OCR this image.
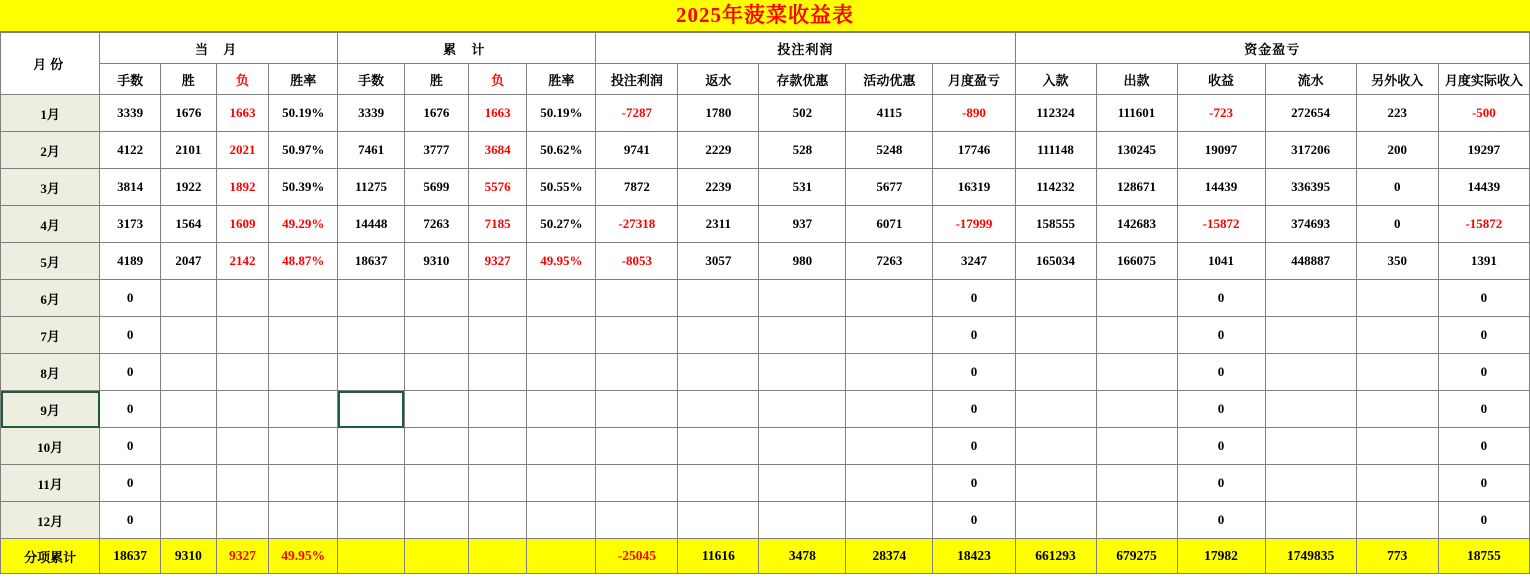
2025年菠菜收益表
月份	当 月				累 计				投注利润					资金盈亏					
	手数	胜	负	胜率	手数	胜	负	胜率	投注利润	返水	存款优惠	活动优惠	月度盈亏	入款	出款	收益	流水	另外收入	月度实际收入
1月	3339	1676	1663	50.19%	3339	1676	1663	50.19%	-7287	1780	502	4115	-890	112324	111601	-723	272654	223	-500
2月	4122	2101	2021	50.97%	7461	3777	3684	50.62%	9741	2229	528	5248	17746	111148	130245	19097	317206	200	19297
3月	3814	1922	1892	50.39%	11275	5699	5576	50.55%	7872	2239	531	5677	16319	114232	128671	14439	336395	0	14439
4月	3173	1564	1609	49.29%	14448	7263	7185	50.27%	-27318	2311	937	6071	-17999	158555	142683	-15872	374693	0	-15872
5月	4189	2047	2142	48.87%	18637	9310	9327	49.95%	-8053	3057	980	7263	3247	165034	166075	1041	448887	350	1391
6月	0												0			0			0
7月	0												0			0			0
8月	0												0			0			0
9月	0												0			0			0
10月	0												0			0			0
11月	0												0			0			0
12月	0												0			0			0
分项累计	18637	9310	9327	49.95%					-25045	11616	3478	28374	18423	661293	679275	17982	1749835	773	18755
